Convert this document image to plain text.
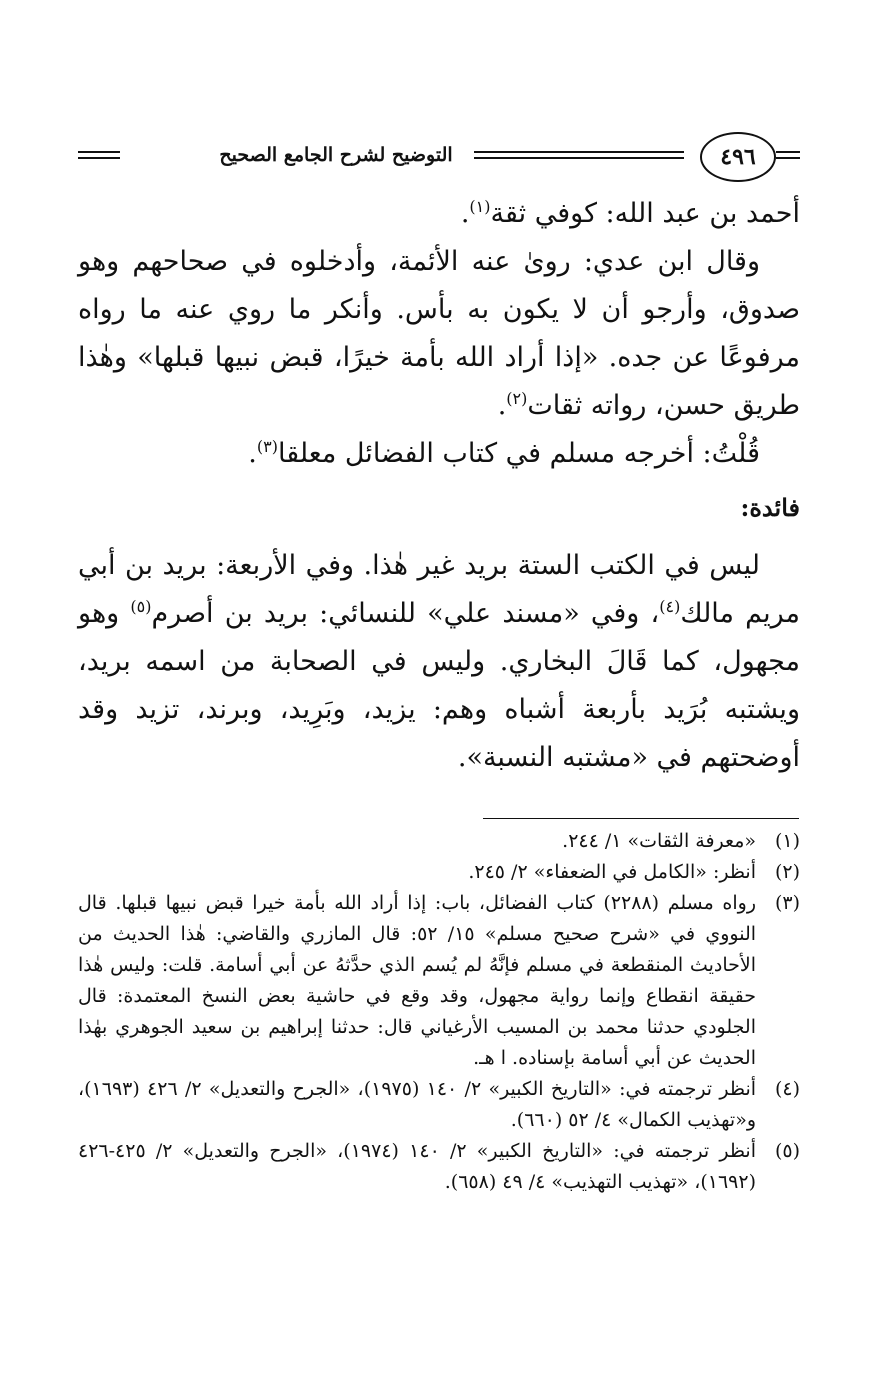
التوضيح لشرح الجامع الصحيح	٤٩٦

أحمد بن عبد الله: كوفي ثقة$^{(١)}$.

وقال ابن عدي: روىٰ عنه الأئمة، وأدخلوه في صحاحهم وهو صدوق، وأرجو أن لا يكون به بأس. وأنكر ما روي عنه ما رواه مرفوعًا عن جده. «إذا أراد الله بأمة خيرًا، قبض نبيها قبلها» وهٰذا طريق حسن، رواته ثقات$^{(٢)}$.

قُلْتُ: أخرجه مسلم في كتاب الفضائل معلقا$^{(٣)}$.

فائدة:

ليس في الكتب الستة بريد غير هٰذا. وفي الأربعة: بريد بن أبي مريم مالك$^{(٤)}$، وفي «مسند علي» للنسائي: بريد بن أصرم$^{(٥)}$ وهو مجهول، كما قَالَ البخاري. وليس في الصحابة من اسمه بريد، ويشتبه بُرَيد بأربعة أشباه وهم: يزيد، وبَرِيد، وبرند، تزيد وقد أوضحتهم في «مشتبه النسبة».

(١)
«معرفة الثقات» ١/ ٢٤٤.
(٢)
أنظر: «الكامل في الضعفاء» ٢/ ٢٤٥.
(٣)
رواه مسلم (٢٢٨٨) كتاب الفضائل، باب: إذا أراد الله بأمة خيرا قبض نبيها قبلها. قال النووي في «شرح صحيح مسلم» ١٥/ ٥٢: قال المازري والقاضي: هٰذا الحديث من الأحاديث المنقطعة في مسلم فإنَّهُ لم يُسم الذي حدَّثهُ عن أبي أسامة. قلت: وليس هٰذا حقيقة انقطاع وإنما رواية مجهول، وقد وقع في حاشية بعض النسخ المعتمدة: قال الجلودي حدثنا محمد بن المسيب الأرغياني قال: حدثنا إبراهيم بن سعيد الجوهري بهٰذا الحديث عن أبي أسامة بإسناده. ا هـ.
(٤)
أنظر ترجمته في: «التاريخ الكبير» ٢/ ١٤٠ (١٩٧٥)، «الجرح والتعديل» ٢/ ٤٢٦ (١٦٩٣)، و«تهذيب الكمال» ٤/ ٥٢ (٦٦٠).
(٥)
أنظر ترجمته في: «التاريخ الكبير» ٢/ ١٤٠ (١٩٧٤)، «الجرح والتعديل» ٢/ ٤٢٥-٤٢٦ (١٦٩٢)، «تهذيب التهذيب» ٤/ ٤٩ (٦٥٨).
